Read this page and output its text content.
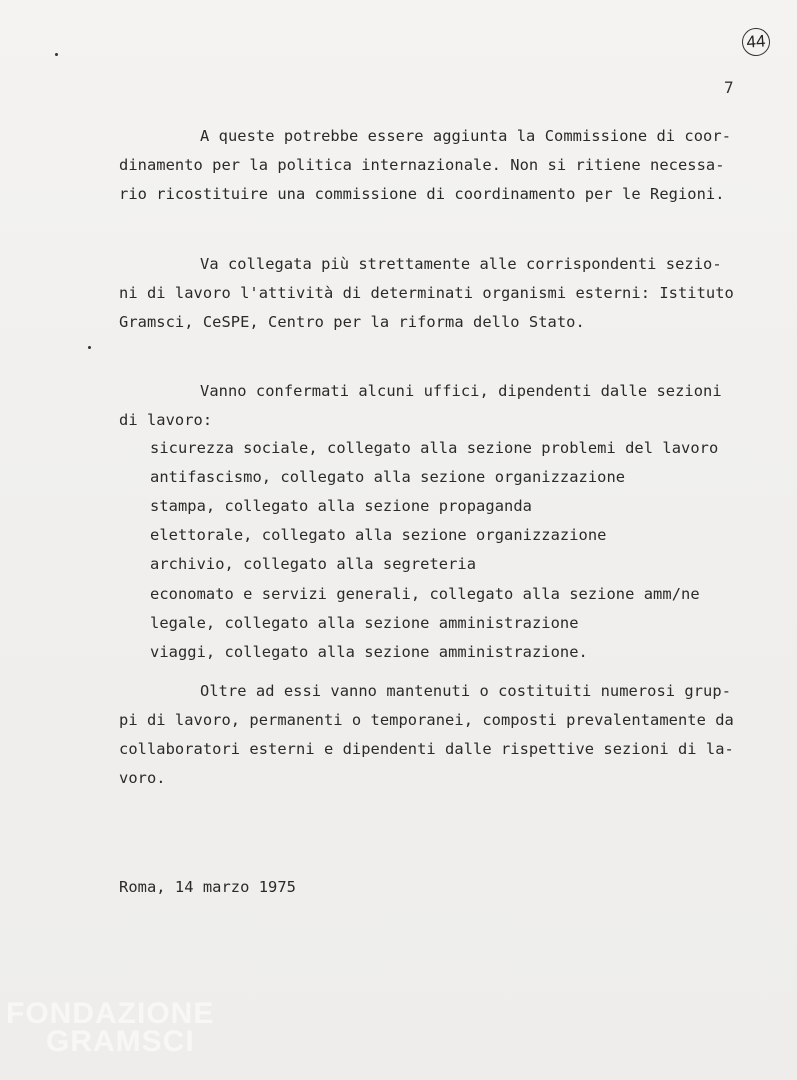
44
7
A queste potrebbe essere aggiunta la Commissione di coor-
dinamento per la politica internazionale. Non si ritiene necessa-
rio ricostituire una commissione di coordinamento per le Regioni.
Va collegata più strettamente alle corrispondenti sezio-
ni di lavoro l'attività di determinati organismi esterni: Istituto
Gramsci, CeSPE, Centro per la riforma dello Stato.
Vanno confermati alcuni uffici, dipendenti dalle sezioni
di lavoro:
sicurezza sociale, collegato alla sezione problemi del lavoro
antifascismo, collegato alla sezione organizzazione
stampa, collegato alla sezione propaganda
elettorale, collegato alla sezione organizzazione
archivio, collegato alla segreteria
economato e servizi generali, collegato alla sezione amm/ne
legale, collegato alla sezione amministrazione
viaggi, collegato alla sezione amministrazione.
Oltre ad essi vanno mantenuti o costituiti numerosi grup-
pi di lavoro, permanenti o temporanei, composti prevalentamente da
collaboratori esterni e dipendenti dalle rispettive sezioni di la-
voro.
Roma, 14 marzo 1975
FONDAZIONE
GRAMSCI
